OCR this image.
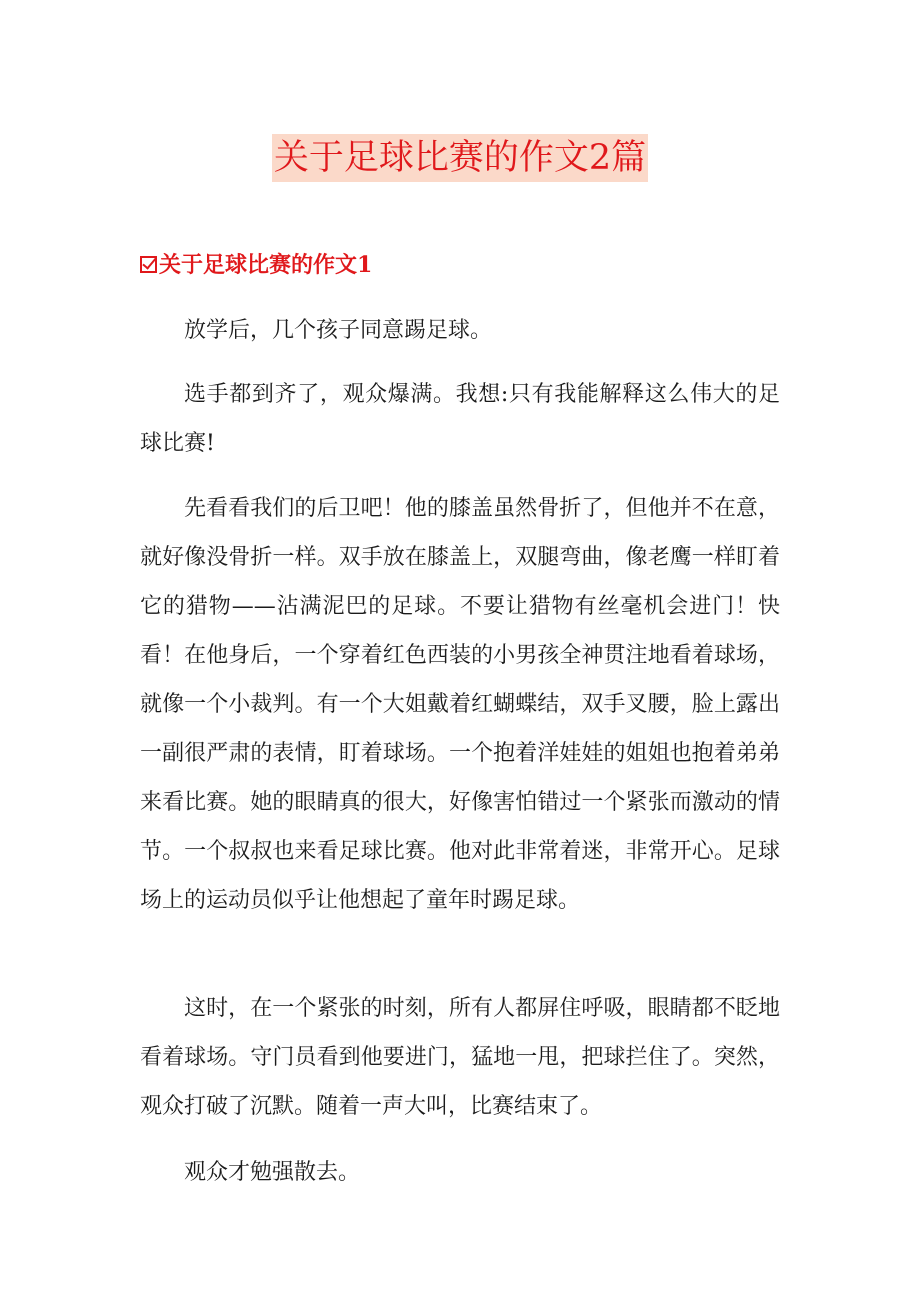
关于足球比赛的作文2篇
关于足球比赛的作文1

放学后，几个孩子同意踢足球。

选手都到齐了，观众爆满。我想:只有我能解释这么伟大的足球比赛!

先看看我们的后卫吧！他的膝盖虽然骨折了，但他并不在意，就好像没骨折一样。双手放在膝盖上，双腿弯曲，像老鹰一样盯着它的猎物——沾满泥巴的足球。不要让猎物有丝毫机会进门！快看！在他身后，一个穿着红色西装的小男孩全神贯注地看着球场，就像一个小裁判。有一个大姐戴着红蝴蝶结，双手叉腰，脸上露出一副很严肃的表情，盯着球场。一个抱着洋娃娃的姐姐也抱着弟弟来看比赛。她的眼睛真的很大，好像害怕错过一个紧张而激动的情节。一个叔叔也来看足球比赛。他对此非常着迷，非常开心。足球场上的运动员似乎让他想起了童年时踢足球。

这时，在一个紧张的时刻，所有人都屏住呼吸，眼睛都不眨地看着球场。守门员看到他要进门，猛地一甩，把球拦住了。突然，观众打破了沉默。随着一声大叫，比赛结束了。

观众才勉强散去。
